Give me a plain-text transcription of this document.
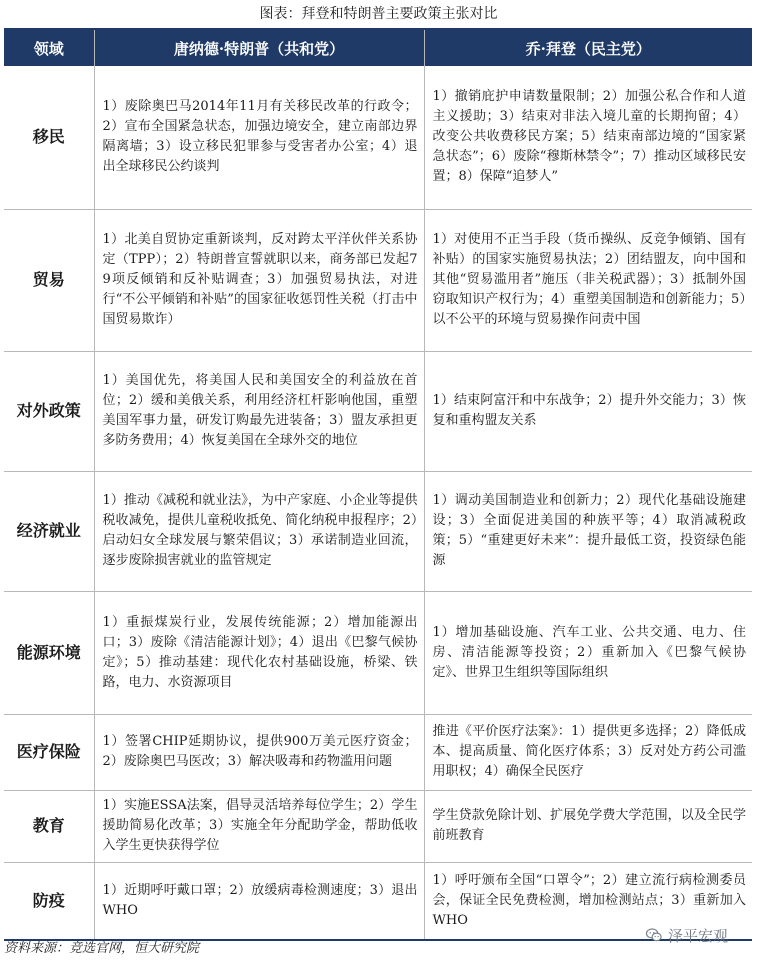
图表：拜登和特朗普主要政策主张对比
领域	唐纳德·特朗普（共和党）	乔·拜登（民主党）
移民	1）废除奥巴马2014年11月有关移民改革的行政令；2）宣布全国紧急状态，加强边境安全，建立南部边界隔离墙；3）设立移民犯罪参与受害者办公室；4）退出全球移民公约谈判	1）撤销庇护申请数量限制；2）加强公私合作和人道主义援助；3）结束对非法入境儿童的长期拘留；4）改变公共收费移民方案；5）结束南部边境的“国家紧急状态”；6）废除“穆斯林禁令”；7）推动区域移民安置；8）保障“追梦人”
贸易	1）北美自贸协定重新谈判，反对跨太平洋伙伴关系协定（TPP）；2）特朗普宣誓就职以来，商务部已发起79项反倾销和反补贴调查；3）加强贸易执法，对进行“不公平倾销和补贴”的国家征收惩罚性关税（打击中国贸易欺诈）	1）对使用不正当手段（货币操纵、反竞争倾销、国有补贴）的国家实施贸易执法；2）团结盟友，向中国和其他“贸易滥用者”施压（非关税武器）；3）抵制外国窃取知识产权行为；4）重塑美国制造和创新能力；5）以不公平的环境与贸易操作问责中国
对外政策	1）美国优先，将美国人民和美国安全的利益放在首位；2）缓和美俄关系，利用经济杠杆影响他国，重塑美国军事力量，研发订购最先进装备；3）盟友承担更多防务费用；4）恢复美国在全球外交的地位	1）结束阿富汗和中东战争；2）提升外交能力；3）恢复和重构盟友关系
经济就业	1）推动《减税和就业法》，为中产家庭、小企业等提供税收减免，提供儿童税收抵免、简化纳税申报程序；2）启动妇女全球发展与繁荣倡议；3）承诺制造业回流，逐步废除损害就业的监管规定	1）调动美国制造业和创新力；2）现代化基础设施建设；3）全面促进美国的种族平等；4）取消减税政策；5）“重建更好未来”：提升最低工资，投资绿色能源
能源环境	1）重振煤炭行业，发展传统能源；2）增加能源出口；3）废除《清洁能源计划》；4）退出《巴黎气候协定》；5）推动基建：现代化农村基础设施，桥梁、铁路，电力、水资源项目	1）增加基础设施、汽车工业、公共交通、电力、住房、清洁能源等投资；2）重新加入《巴黎气候协定》、世界卫生组织等国际组织
医疗保险	1）签署CHIP延期协议，提供900万美元医疗资金；2）废除奥巴马医改；3）解决吸毒和药物滥用问题	推进《平价医疗法案》：1）提供更多选择；2）降低成本、提高质量、简化医疗体系；3）反对处方药公司滥用职权；4）确保全民医疗
教育	1）实施ESSA法案，倡导灵活培养每位学生；2）学生援助简易化改革；3）实施全年分配助学金，帮助低收入学生更快获得学位	学生贷款免除计划、扩展免学费大学范围，以及全民学前班教育
防疫	1）近期呼吁戴口罩；2）放缓病毒检测速度；3）退出WHO	1）呼吁颁布全国“口罩令”；2）建立流行病检测委员会，保证全民免费检测，增加检测站点；3）重新加入WHO
资料来源：竞选官网，恒大研究院
泽平宏观
